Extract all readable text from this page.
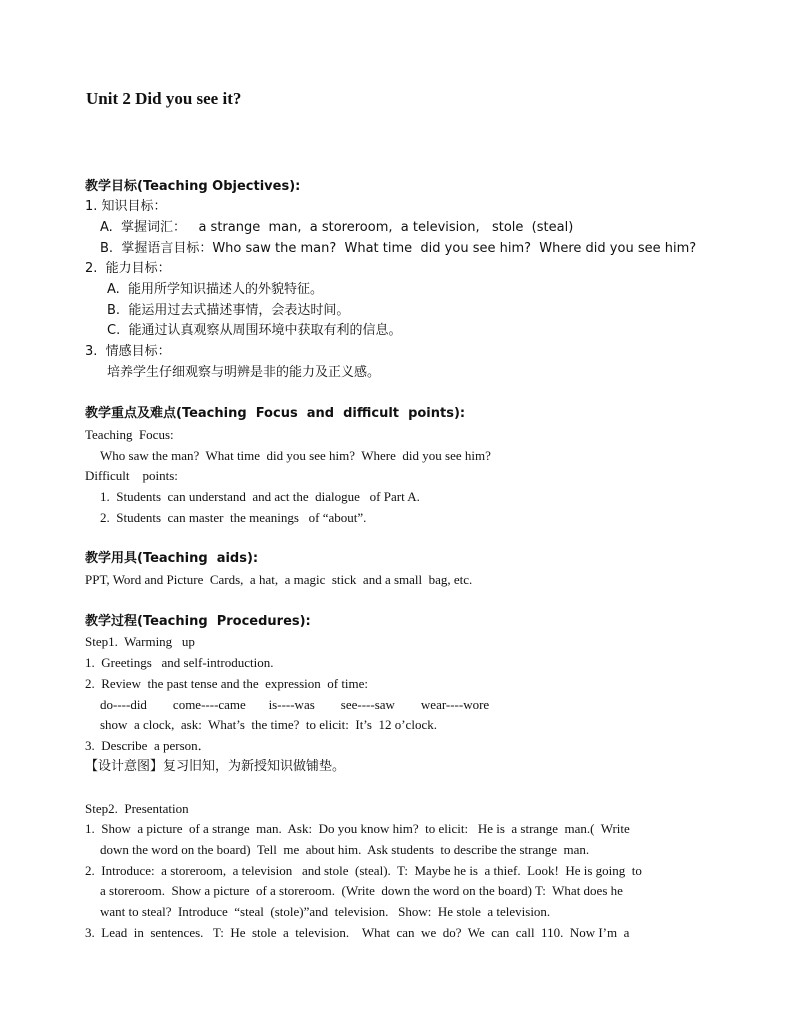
Unit 2 Did you see it?
教学目标(Teaching Objectives):
1. 知识目标：
A.  掌握词汇：   a strange  man,  a storeroom,  a television,   stole  (steal)
B.  掌握语言目标：Who saw the man?  What time  did you see him?  Where did you see him?
2.  能力目标：
A.  能用所学知识描述人的外貌特征。
B.  能运用过去式描述事情，会表达时间。
C.  能通过认真观察从周围环境中获取有利的信息。
3.  情感目标：
培养学生仔细观察与明辨是非的能力及正义感。
教学重点及难点(Teaching  Focus  and  difficult  points):
Teaching  Focus:
Who saw the man?  What time  did you see him?  Where  did you see him?
Difficult    points:
1.  Students  can understand  and act the  dialogue   of Part A.
2.  Students  can master  the meanings   of “about”.
教学用具(Teaching  aids):
PPT, Word and Picture  Cards,  a hat,  a magic  stick  and a small  bag, etc.
教学过程(Teaching  Procedures):
Step1.  Warming   up
1.  Greetings   and self-introduction.
2.  Review  the past tense and the  expression  of time:
do----did        come----came       is----was        see----saw        wear----wore
show  a clock,  ask:  What’s  the time?  to elicit:  It’s  12 o’clock.
3.  Describe  a person．
【设计意图】复习旧知，为新授知识做铺垫。
Step2.  Presentation
1.  Show  a picture  of a strange  man.  Ask:  Do you know him?  to elicit:   He is  a strange  man.(  Write
down the word on the board)  Tell  me  about him.  Ask students  to describe the strange  man.
2.  Introduce:  a storeroom,  a television   and stole  (steal).  T:  Maybe he is  a thief.  Look!  He is going  to
a storeroom.  Show a picture  of a storeroom.  (Write  down the word on the board) T:  What does he
want to steal?  Introduce  “steal  (stole)”and  television.   Show:  He stole  a television.
3.  Lead  in  sentences.   T:  He  stole  a  television.    What  can  we  do?  We  can  call  110.  Now I’m  a
